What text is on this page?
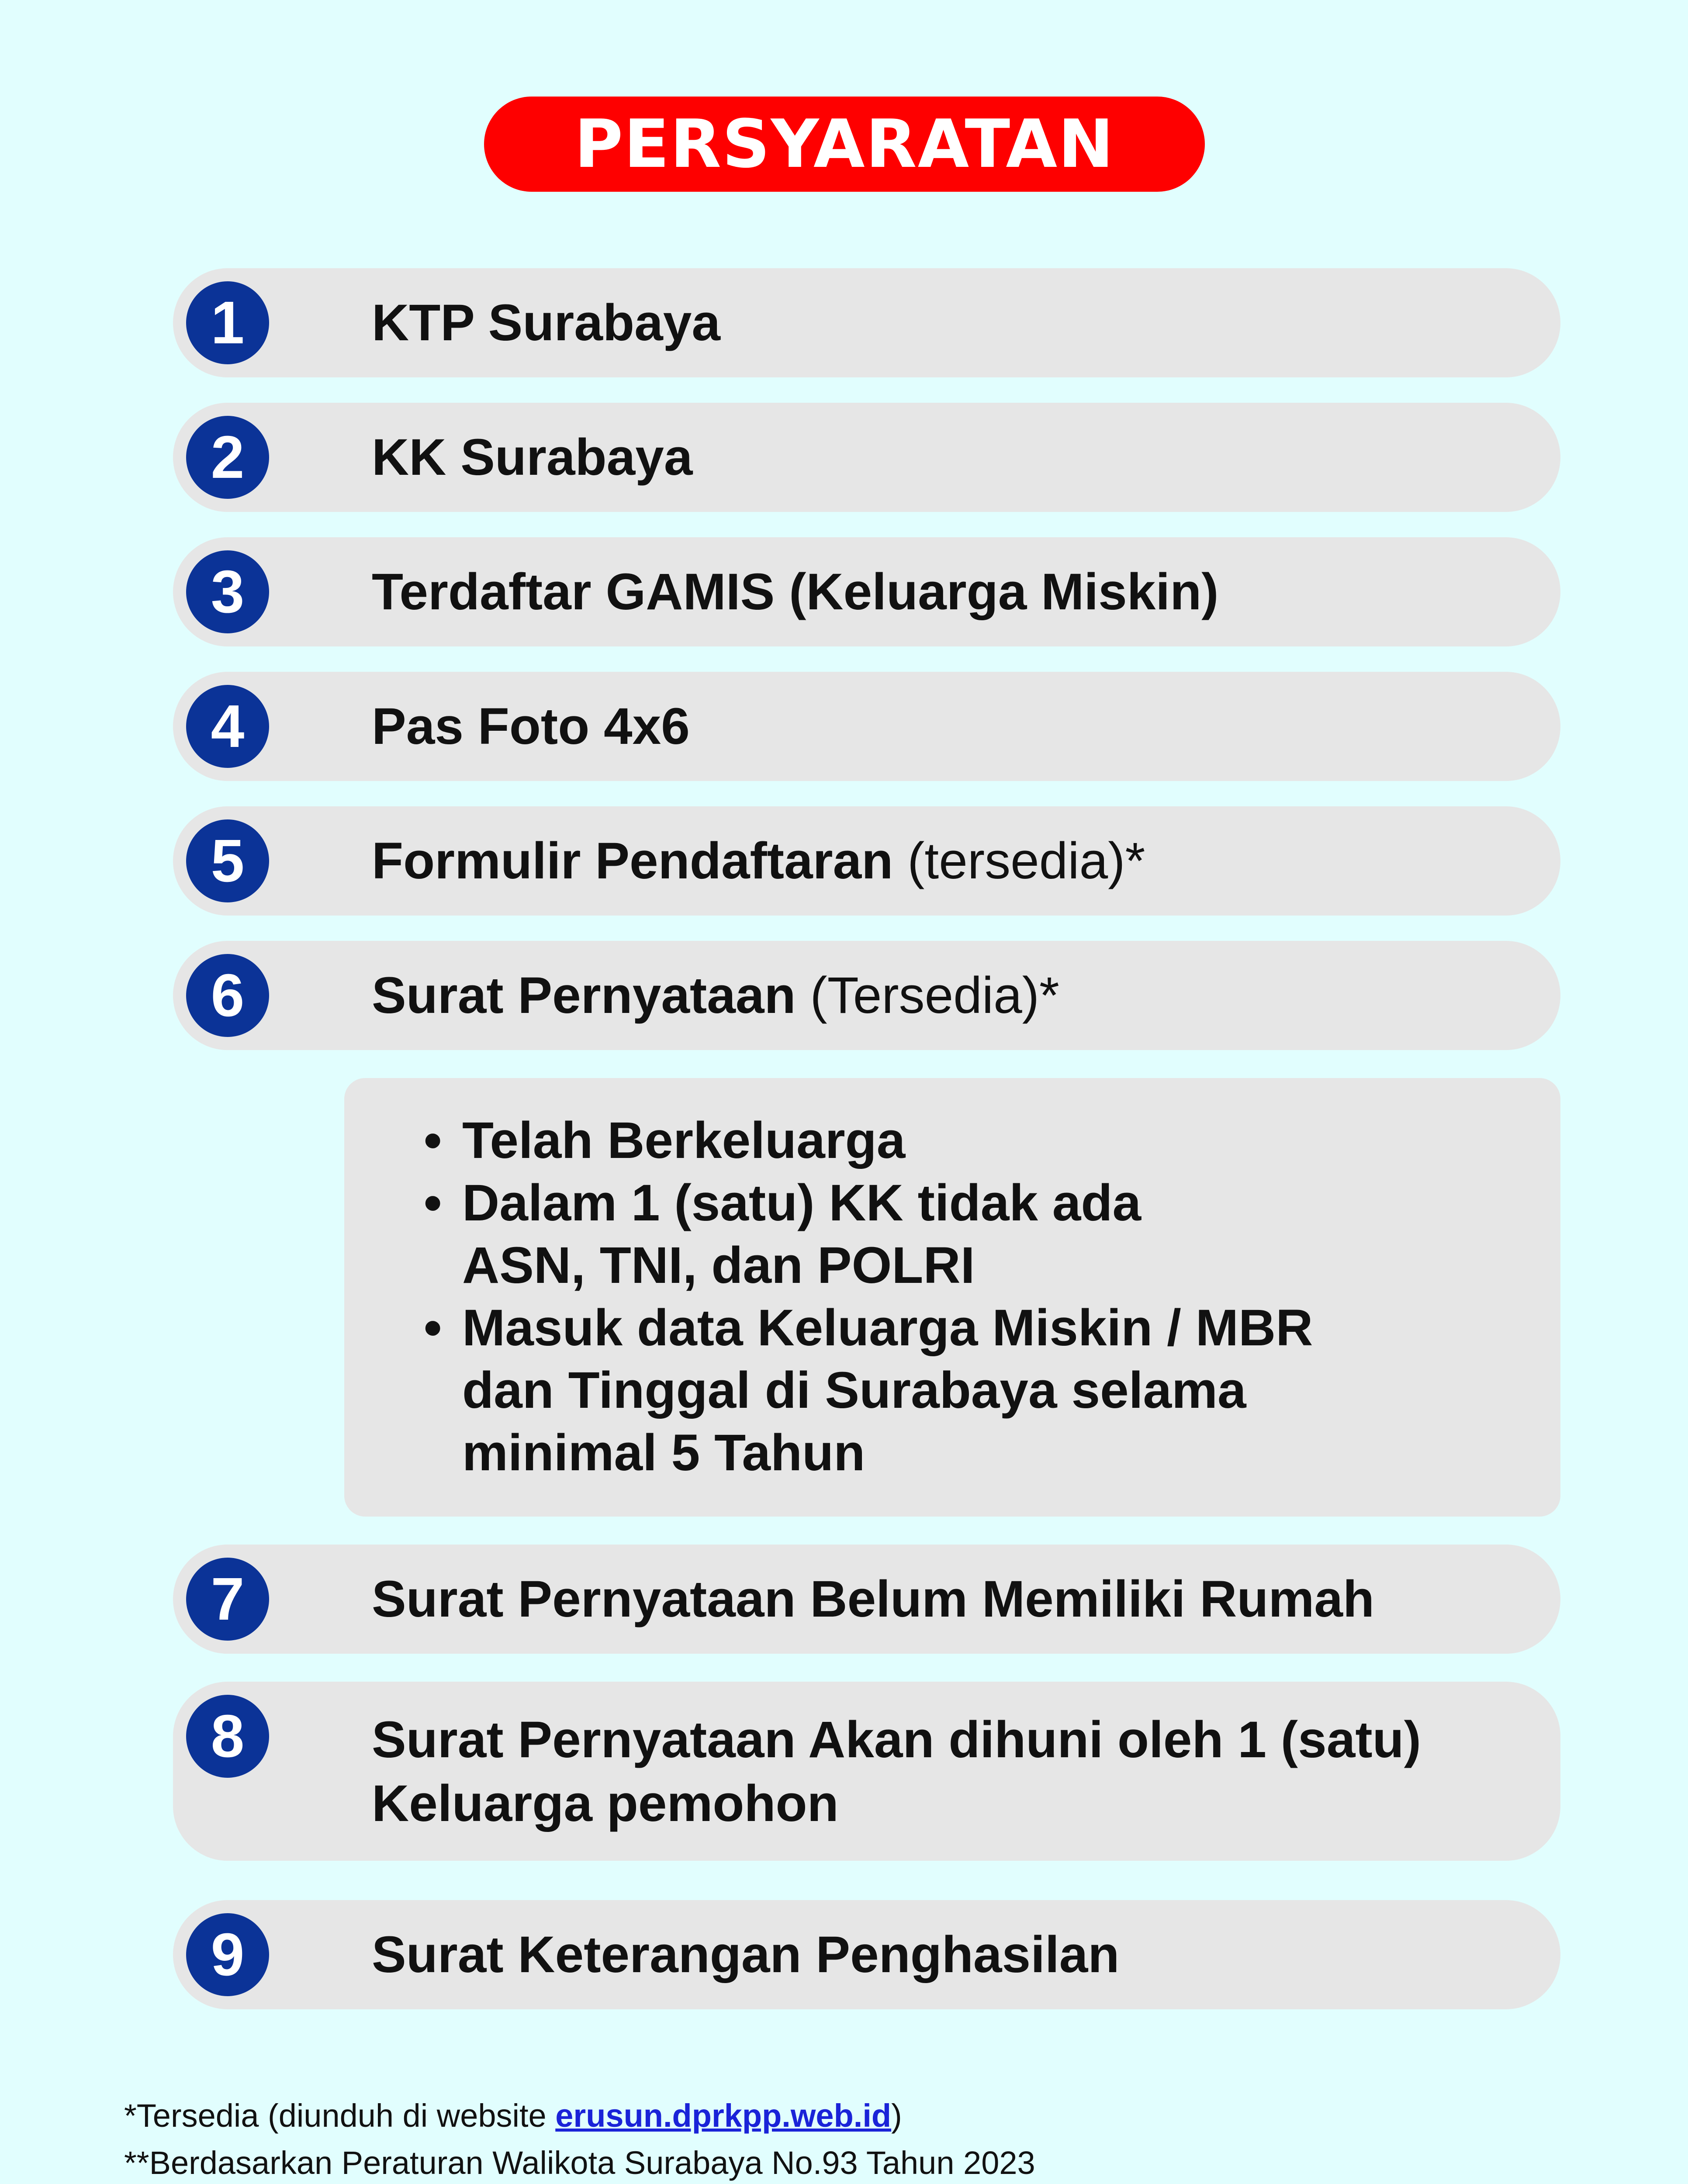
PERSYARATAN
1	KTP Surabaya
2	KK Surabaya
3	Terdaftar GAMIS (Keluarga Miskin)
4	Pas Foto 4x6
5	Formulir Pendaftaran (tersedia)*
6	Surat Pernyataan (Tersedia)*
• Telah Berkeluarga
• Dalam 1 (satu) KK tidak ada ASN, TNI, dan POLRI
• Masuk data Keluarga Miskin / MBR dan Tinggal di Surabaya selama minimal 5 Tahun
7	Surat Pernyataan Belum Memiliki Rumah
8	Surat Pernyataan Akan dihuni oleh 1 (satu) Keluarga pemohon
9	Surat Keterangan Penghasilan
*Tersedia (diunduh di website erusun.dprkpp.web.id)
**Berdasarkan Peraturan Walikota Surabaya No.93 Tahun 2023
